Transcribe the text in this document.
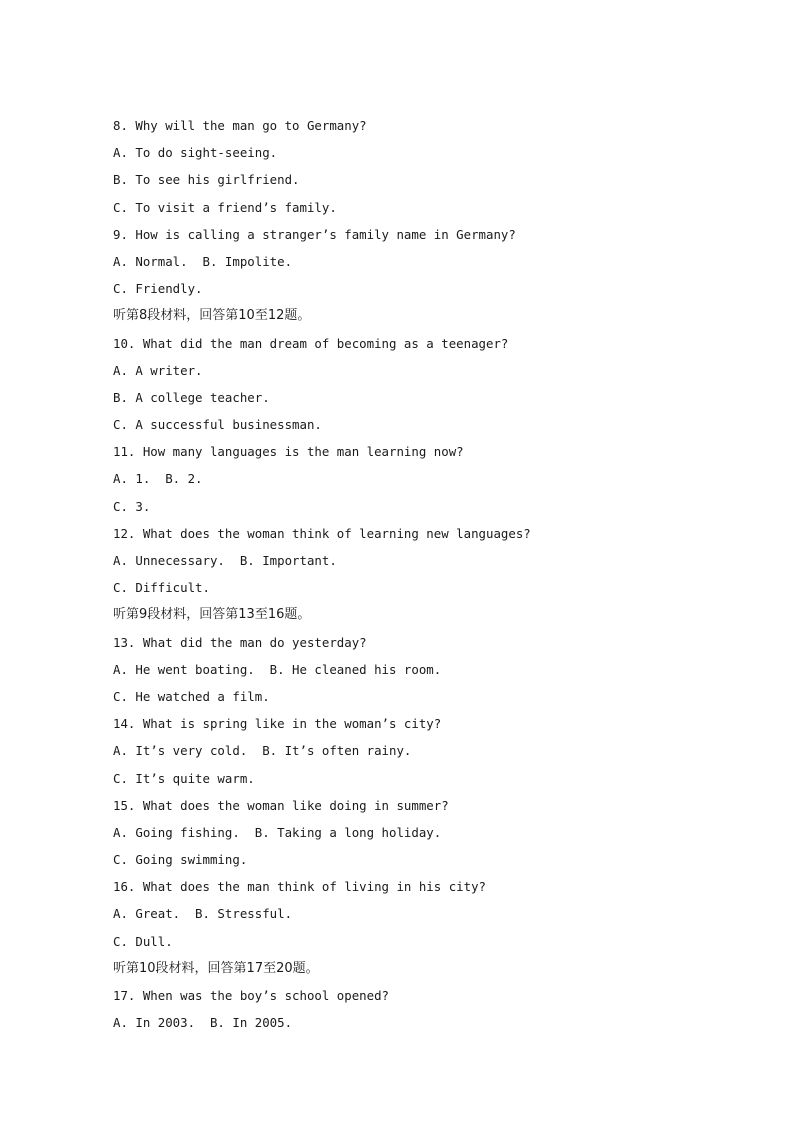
8. Why will the man go to Germany?

A. To do sight-seeing.

B. To see his girlfriend.

C. To visit a friend’s family.

9. How is calling a stranger’s family name in Germany?

A. Normal.  B. Impolite.

C. Friendly.

听第8段材料，回答第10至12题。

10. What did the man dream of becoming as a teenager?

A. A writer.

B. A college teacher.

C. A successful businessman.

11. How many languages is the man learning now?

A. 1.  B. 2.

C. 3.

12. What does the woman think of learning new languages?

A. Unnecessary.  B. Important.

C. Difficult.

听第9段材料，回答第13至16题。

13. What did the man do yesterday?

A. He went boating.  B. He cleaned his room.

C. He watched a film.

14. What is spring like in the woman’s city?

A. It’s very cold.  B. It’s often rainy.

C. It’s quite warm.

15. What does the woman like doing in summer?

A. Going fishing.  B. Taking a long holiday.

C. Going swimming.

16. What does the man think of living in his city?

A. Great.  B. Stressful.

C. Dull.

听第10段材料，回答第17至20题。

17. When was the boy’s school opened?

A. In 2003.  B. In 2005.
